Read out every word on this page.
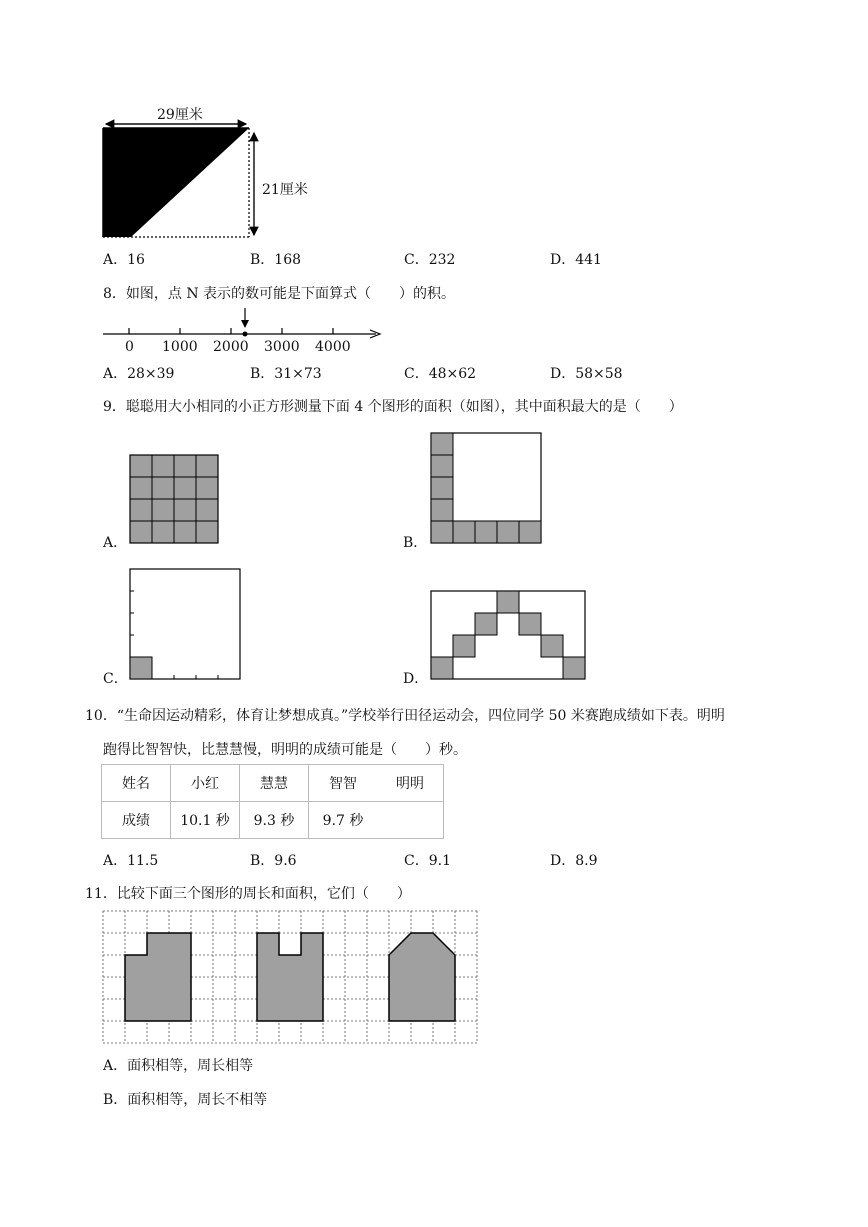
29厘米
21厘米
A．16	B．168	C．232	D．441
8．如图，点 N 表示的数可能是下面算式（　　）的积。
0 1000 2000 3000 4000
A．28×39	B．31×73	C．48×62	D．58×58
9．聪聪用大小相同的小正方形测量下面 4 个图形的面积（如图），其中面积最大的是（　　）
A．	B．
C．	D．
10．“生命因运动精彩，体育让梦想成真。”学校举行田径运动会，四位同学 50 米赛跑成绩如下表。明明
跑得比智智快，比慧慧慢，明明的成绩可能是（　　）秒。
姓名	小红	慧慧	智智	明明
成绩	10.1 秒	9.3 秒	9.7 秒	
A．11.5	B．9.6	C．9.1	D．8.9
11．比较下面三个图形的周长和面积，它们（　　）
A．面积相等，周长相等
B．面积相等，周长不相等
